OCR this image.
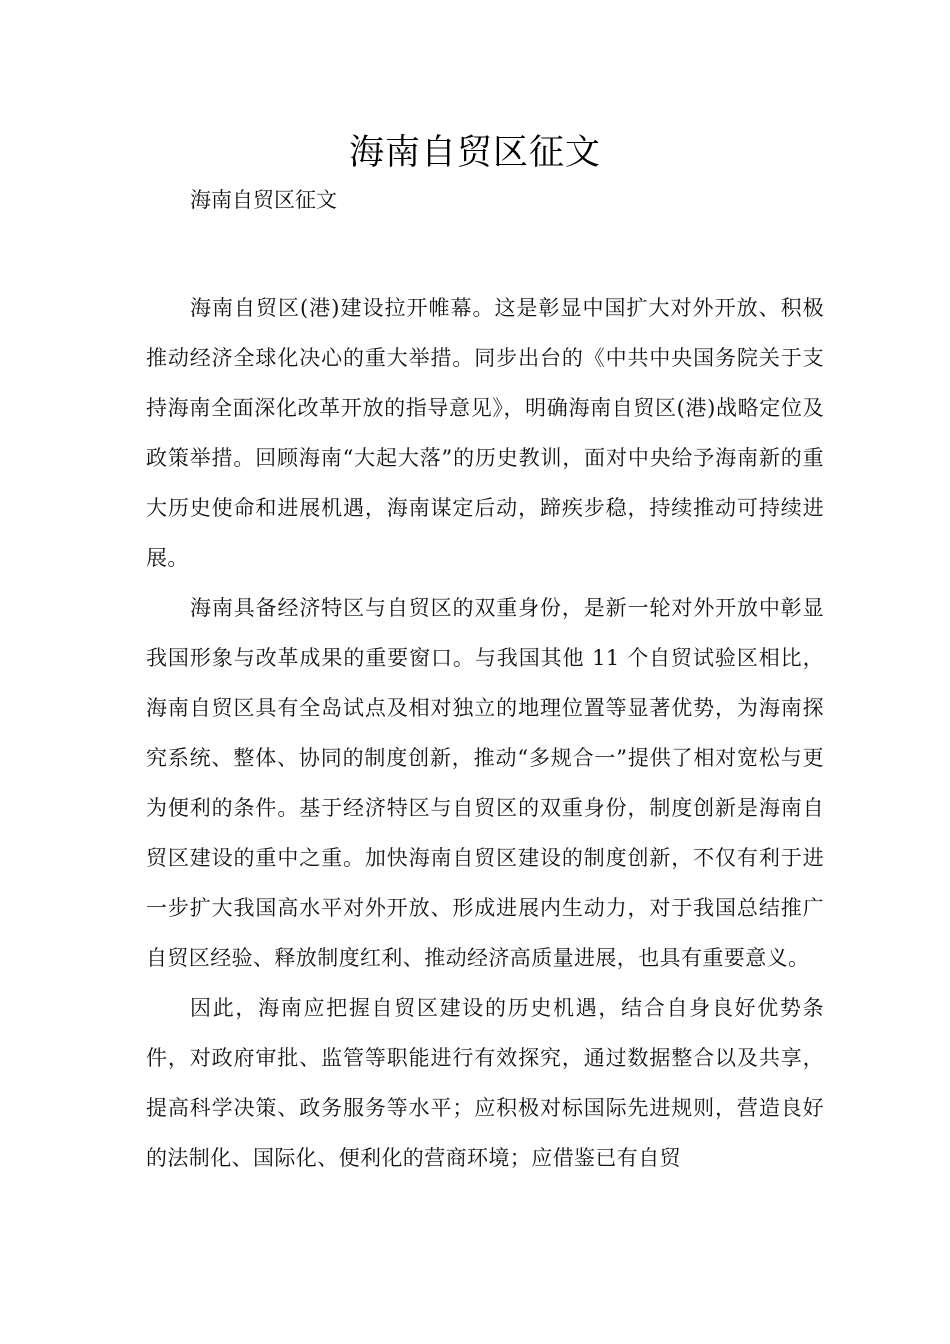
海南自贸区征文
海南自贸区征文

海南自贸区(港)建设拉开帷幕。这是彰显中国扩大对外开放、积极推动经济全球化决心的重大举措。同步出台的《中共中央国务院关于支持海南全面深化改革开放的指导意见》，明确海南自贸区(港)战略定位及政策举措。回顾海南“大起大落”的历史教训，面对中央给予海南新的重大历史使命和进展机遇，海南谋定后动，蹄疾步稳，持续推动可持续进展。

海南具备经济特区与自贸区的双重身份，是新一轮对外开放中彰显我国形象与改革成果的重要窗口。与我国其他 11 个自贸试验区相比，海南自贸区具有全岛试点及相对独立的地理位置等显著优势，为海南探究系统、整体、协同的制度创新，推动“多规合一”提供了相对宽松与更为便利的条件。基于经济特区与自贸区的双重身份，制度创新是海南自贸区建设的重中之重。加快海南自贸区建设的制度创新，不仅有利于进一步扩大我国高水平对外开放、形成进展内生动力，对于我国总结推广自贸区经验、释放制度红利、推动经济高质量进展，也具有重要意义。

因此，海南应把握自贸区建设的历史机遇，结合自身良好优势条件，对政府审批、监管等职能进行有效探究，通过数据整合以及共享，提高科学决策、政务服务等水平；应积极对标国际先进规则，营造良好的法制化、国际化、便利化的营商环境；应借鉴已有自贸
